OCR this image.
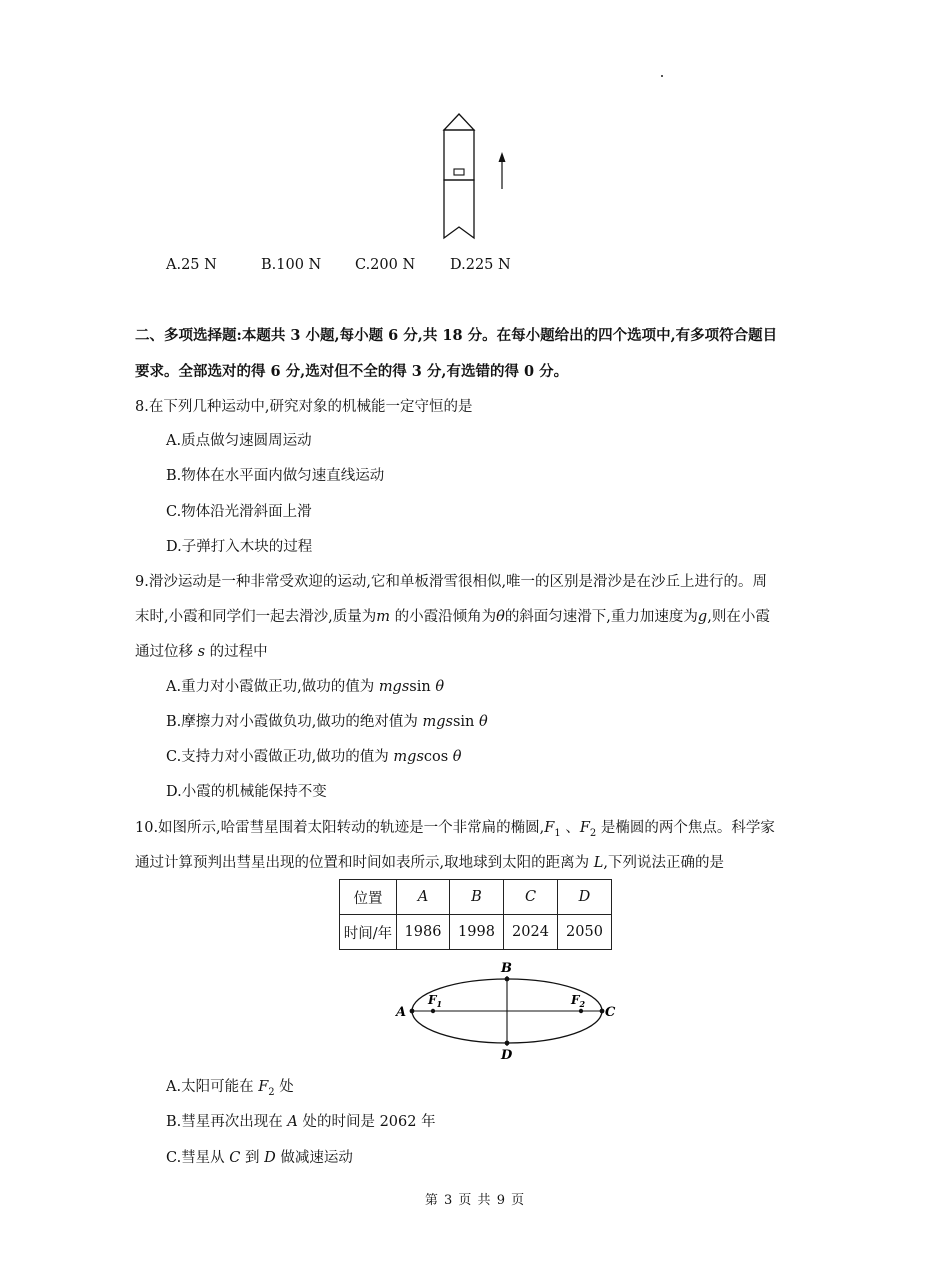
A.25 N	B.100 N C.200 N D.225 N
二、多项选择题:本题共 3 小题,每小题 6 分,共 18 分。在每小题给出的四个选项中,有多项符合题目
要求。全部选对的得 6 分,选对但不全的得 3 分,有选错的得 0 分。
8.在下列几种运动中,研究对象的机械能一定守恒的是
A.质点做匀速圆周运动
B.物体在水平面内做匀速直线运动
C.物体沿光滑斜面上滑
D.子弹打入木块的过程
9.滑沙运动是一种非常受欢迎的运动,它和单板滑雪很相似,唯一的区别是滑沙是在沙丘上进行的。周
末时,小霞和同学们一起去滑沙,质量为m 的小霞沿倾角为θ的斜面匀速滑下,重力加速度为g,则在小霞
通过位移 s 的过程中
A.重力对小霞做正功,做功的值为 mgssin θ
B.摩擦力对小霞做负功,做功的绝对值为 mgssin θ
C.支持力对小霞做正功,做功的值为 mgscos θ
D.小霞的机械能保持不变
10.如图所示,哈雷彗星围着太阳转动的轨迹是一个非常扁的椭圆$,F_1$ 、$F_2$ 是椭圆的两个焦点。科学家
通过计算预判出彗星出现的位置和时间如表所示,取地球到太阳的距离为 L,下列说法正确的是
位置	A	B	C	D
时间/年	1986	1998	2024	2050
A	C
B
D
$F_1$	$F_2$
A.太阳可能在 $F_2$ 处
B.彗星再次出现在 A 处的时间是 2062 年
C.彗星从 C 到 D 做减速运动
第 3 页 共 9 页
